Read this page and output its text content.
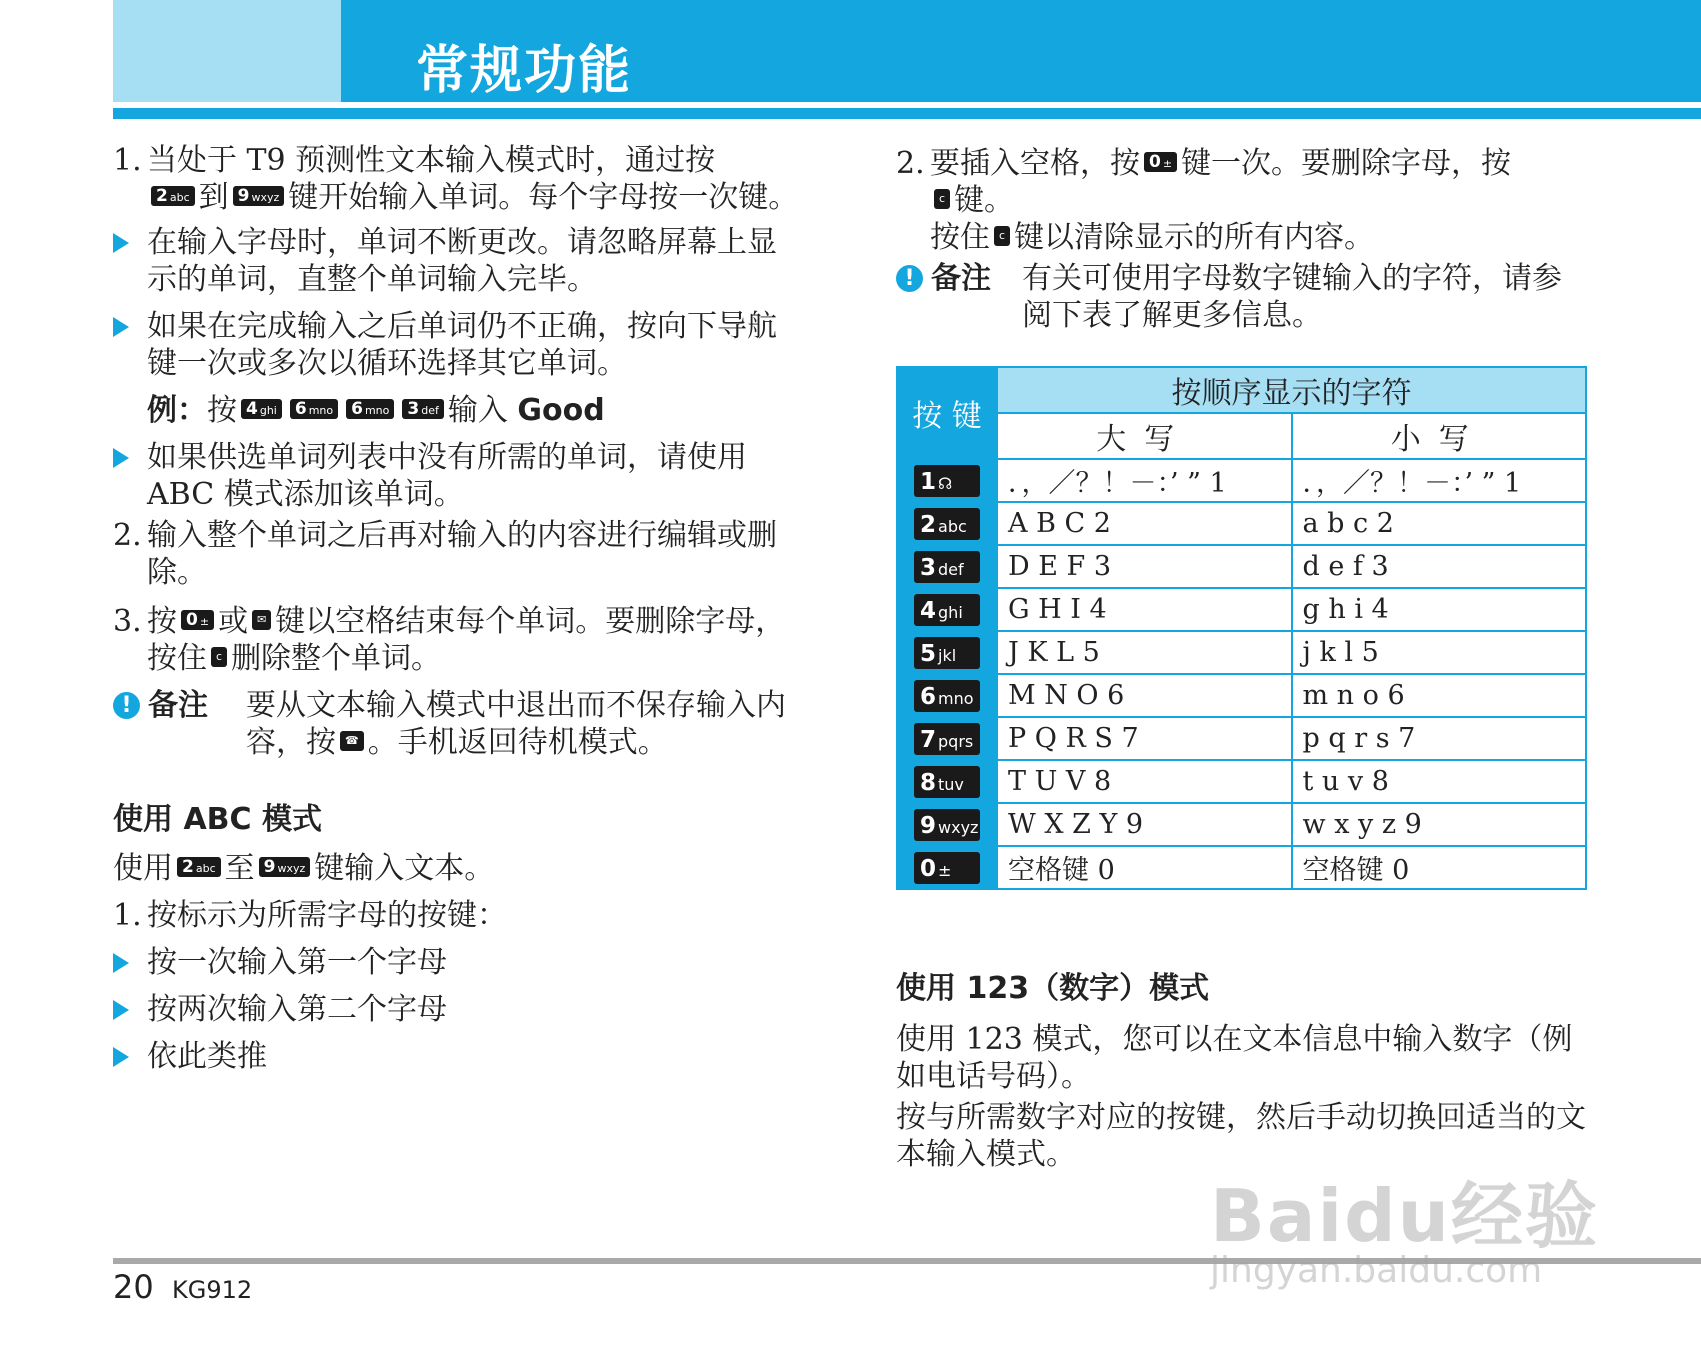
常规功能

1. 当处于 T9 预测性文本输入模式时，通过按
2 abc 到 9 wxyz 键开始输入单词。每个字母按一次键。

在输入字母时，单词不断更改。请忽略屏幕上显示的单词，直整个单词输入完毕。

如果在完成输入之后单词仍不正确，按向下导航键一次或多次以循环选择其它单词。

例：按 4 ghi 6 mno 6 mno 3 def 输入 Good

如果供选单词列表中没有所需的单词，请使用 ABC 模式添加该单词。

2. 输入整个单词之后再对输入的内容进行编辑或删除。

3. 按 0 ± 或 ✉ 键以空格结束每个单词。要删除字母，按住 c 删除整个单词。

! 备注 要从文本输入模式中退出而不保存输入内容，按 ☎ 。手机返回待机模式。

使用 ABC 模式

使用 2 abc 至 9 wxyz 键输入文本。

1. 按标示为所需字母的按键：

按一次输入第一个字母

按两次输入第二个字母

依此类推

2. 要插入空格，按 0 ± 键一次。要删除字母，按
c 键。
按住 c 键以清除显示的所有内容。

! 备注 有关可使用字母数字键输入的字符，请参阅下表了解更多信息。

按 键	按顺序显示的字符	
	大写	小写
1 ☊	．，／？！－：’ ” 1	．，／？！－：’ ” 1
2 abc	A B C 2	a b c 2
3 def	D E F 3	d e f 3
4 ghi	G H I 4	g h i 4
5 jkl	J K L 5	j k l 5
6 mno	M N O 6	m n o 6
7 pqrs	P Q R S 7	p q r s 7
8 tuv	T U V 8	t u v 8
9 wxyz	W X Z Y 9	w x y z 9
0 ±	空格键 0	空格键 0

使用 123（数字）模式

使用 123 模式，您可以在文本信息中输入数字（例如电话号码）。

按与所需数字对应的按键，然后手动切换回适当的文本输入模式。

20 KG912
Baidu经验
jingyan.baidu.com
